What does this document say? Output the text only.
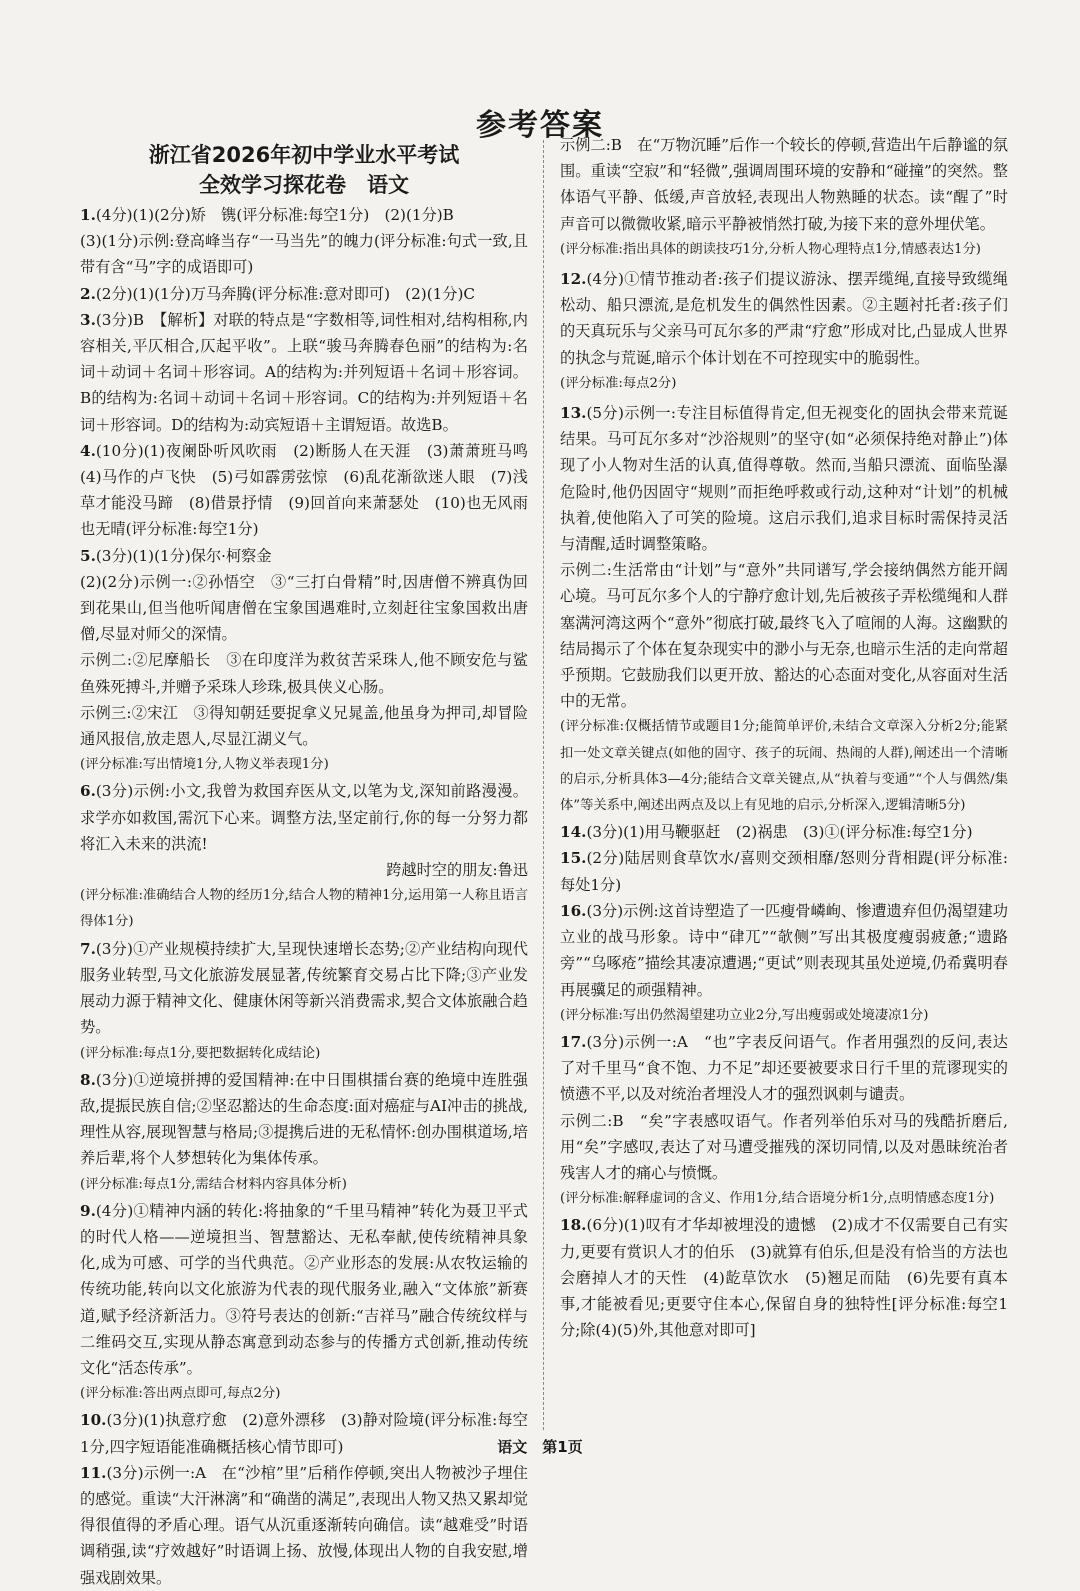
参考答案
浙江省2026年初中学业水平考试
全效学习探花卷　语文

1.(4分)(1)(2分)矫　镌(评分标准:每空1分)　(2)(1分)B

(3)(1分)示例:登高峰当存“一马当先”的魄力(评分标准:句式一致,且带有含“马”字的成语即可)

2.(2分)(1)(1分)万马奔腾(评分标准:意对即可)　(2)(1分)C

3.(3分)B　【解析】对联的特点是“字数相等,词性相对,结构相称,内容相关,平仄相合,仄起平收”。上联“骏马奔腾春色丽”的结构为:名词＋动词＋名词＋形容词。A的结构为:并列短语＋名词＋形容词。B的结构为:名词＋动词＋名词＋形容词。C的结构为:并列短语＋名词＋形容词。D的结构为:动宾短语＋主谓短语。故选B。

4.(10分)(1)夜阑卧听风吹雨　(2)断肠人在天涯　(3)萧萧班马鸣　(4)马作的卢飞快　(5)弓如霹雳弦惊　(6)乱花渐欲迷人眼　(7)浅草才能没马蹄　(8)借景抒情　(9)回首向来萧瑟处　(10)也无风雨也无晴(评分标准:每空1分)

5.(3分)(1)(1分)保尔·柯察金

(2)(2分)示例一:②孙悟空　③“三打白骨精”时,因唐僧不辨真伪回到花果山,但当他听闻唐僧在宝象国遇难时,立刻赶往宝象国救出唐僧,尽显对师父的深情。

示例二:②尼摩船长　③在印度洋为救贫苦采珠人,他不顾安危与鲨鱼殊死搏斗,并赠予采珠人珍珠,极具侠义心肠。

示例三:②宋江　③得知朝廷要捉拿义兄晁盖,他虽身为押司,却冒险通风报信,放走恩人,尽显江湖义气。

(评分标准:写出情境1分,人物义举表现1分)

6.(3分)示例:小文,我曾为救国弃医从文,以笔为戈,深知前路漫漫。求学亦如救国,需沉下心来。调整方法,坚定前行,你的每一分努力都将汇入未来的洪流!

跨越时空的朋友:鲁迅

(评分标准:准确结合人物的经历1分,结合人物的精神1分,运用第一人称且语言得体1分)

7.(3分)①产业规模持续扩大,呈现快速增长态势;②产业结构向现代服务业转型,马文化旅游发展显著,传统繁育交易占比下降;③产业发展动力源于精神文化、健康休闲等新兴消费需求,契合文体旅融合趋势。

(评分标准:每点1分,要把数据转化成结论)

8.(3分)①逆境拼搏的爱国精神:在中日围棋擂台赛的绝境中连胜强敌,提振民族自信;②坚忍豁达的生命态度:面对癌症与AI冲击的挑战,理性从容,展现智慧与格局;③提携后进的无私情怀:创办围棋道场,培养后辈,将个人梦想转化为集体传承。

(评分标准:每点1分,需结合材料内容具体分析)

9.(4分)①精神内涵的转化:将抽象的“千里马精神”转化为聂卫平式的时代人格——逆境担当、智慧豁达、无私奉献,使传统精神具象化,成为可感、可学的当代典范。②产业形态的发展:从农牧运输的传统功能,转向以文化旅游为代表的现代服务业,融入“文体旅”新赛道,赋予经济新活力。③符号表达的创新:“吉祥马”融合传统纹样与二维码交互,实现从静态寓意到动态参与的传播方式创新,推动传统文化“活态传承”。

(评分标准:答出两点即可,每点2分)

10.(3分)(1)执意疗愈　(2)意外漂移　(3)静对险境(评分标准:每空1分,四字短语能准确概括核心情节即可)

11.(3分)示例一:A　在“沙棺”里”后稍作停顿,突出人物被沙子埋住的感觉。重读“大汗淋漓”和“确凿的满足”,表现出人物又热又累却觉得很值得的矛盾心理。语气从沉重逐渐转向确信。读“越难受”时语调稍强,读“疗效越好”时语调上扬、放慢,体现出人物的自我安慰,增强戏剧效果。

示例二:B　在“万物沉睡”后作一个较长的停顿,营造出午后静谧的氛围。重读“空寂”和“轻微”,强调周围环境的安静和“碰撞”的突然。整体语气平静、低缓,声音放轻,表现出人物熟睡的状态。读“醒了”时声音可以微微收紧,暗示平静被悄然打破,为接下来的意外埋伏笔。

(评分标准:指出具体的朗读技巧1分,分析人物心理特点1分,情感表达1分)

12.(4分)①情节推动者:孩子们提议游泳、摆弄缆绳,直接导致缆绳松动、船只漂流,是危机发生的偶然性因素。②主题衬托者:孩子们的天真玩乐与父亲马可瓦尔多的严肃“疗愈”形成对比,凸显成人世界的执念与荒诞,暗示个体计划在不可控现实中的脆弱性。

(评分标准:每点2分)

13.(5分)示例一:专注目标值得肯定,但无视变化的固执会带来荒诞结果。马可瓦尔多对“沙浴规则”的坚守(如“必须保持绝对静止”)体现了小人物对生活的认真,值得尊敬。然而,当船只漂流、面临坠瀑危险时,他仍因固守“规则”而拒绝呼救或行动,这种对“计划”的机械执着,使他陷入了可笑的险境。这启示我们,追求目标时需保持灵活与清醒,适时调整策略。

示例二:生活常由“计划”与“意外”共同谱写,学会接纳偶然方能开阔心境。马可瓦尔多个人的宁静疗愈计划,先后被孩子弄松缆绳和人群塞满河湾这两个“意外”彻底打破,最终飞入了喧闹的人海。这幽默的结局揭示了个体在复杂现实中的渺小与无奈,也暗示生活的走向常超乎预期。它鼓励我们以更开放、豁达的心态面对变化,从容面对生活中的无常。

(评分标准:仅概括情节或题目1分;能简单评价,未结合文章深入分析2分;能紧扣一处文章关键点(如他的固守、孩子的玩闹、热闹的人群),阐述出一个清晰的启示,分析具体3—4分;能结合文章关键点,从“执着与变通”“个人与偶然/集体”等关系中,阐述出两点及以上有见地的启示,分析深入,逻辑清晰5分)

14.(3分)(1)用马鞭驱赶　(2)祸患　(3)①(评分标准:每空1分)

15.(2分)陆居则食草饮水/喜则交颈相靡/怒则分背相踶(评分标准:每处1分)

16.(3分)示例:这首诗塑造了一匹瘦骨嶙峋、惨遭遗弃但仍渴望建功立业的战马形象。诗中“硉兀”“欹侧”写出其极度瘦弱疲惫;“遗路旁”“乌啄疮”描绘其凄凉遭遇;“更试”则表现其虽处逆境,仍希冀明春再展骥足的顽强精神。

(评分标准:写出仍然渴望建功立业2分,写出瘦弱或处境凄凉1分)

17.(3分)示例一:A　“也”字表反问语气。作者用强烈的反问,表达了对千里马“食不饱、力不足”却还要被要求日行千里的荒谬现实的愤懑不平,以及对统治者埋没人才的强烈讽刺与谴责。

示例二:B　“矣”字表感叹语气。作者列举伯乐对马的残酷折磨后,用“矣”字感叹,表达了对马遭受摧残的深切同情,以及对愚昧统治者残害人才的痛心与愤慨。

(评分标准:解释虚词的含义、作用1分,结合语境分析1分,点明情感态度1分)

18.(6分)(1)叹有才华却被埋没的遗憾　(2)成才不仅需要自己有实力,更要有赏识人才的伯乐　(3)就算有伯乐,但是没有恰当的方法也会磨掉人才的天性　(4)龁草饮水　(5)翘足而陆　(6)先要有真本事,才能被看见;更要守住本心,保留自身的独特性[评分标准:每空1分;除(4)(5)外,其他意对即可]

语文　第1页
